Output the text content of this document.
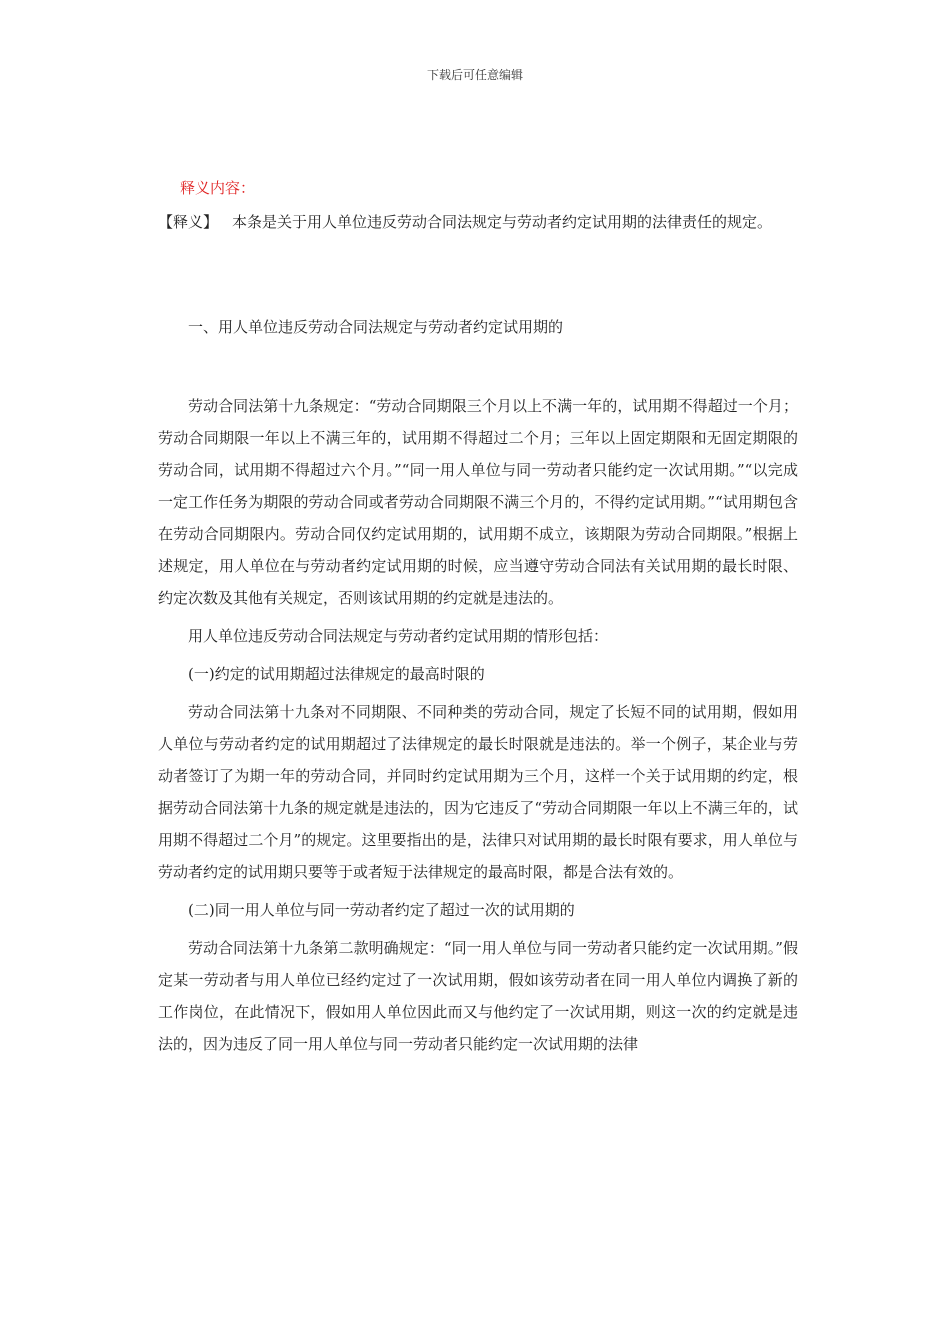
下载后可任意编辑
释义内容：
【释义】 本条是关于用人单位违反劳动合同法规定与劳动者约定试用期的法律责任的规定。
一、用人单位违反劳动合同法规定与劳动者约定试用期的

劳动合同法第十九条规定：“劳动合同期限三个月以上不满一年的，试用期不得超过一个月；劳动合同期限一年以上不满三年的，试用期不得超过二个月；三年以上固定期限和无固定期限的劳动合同，试用期不得超过六个月。”“同一用人单位与同一劳动者只能约定一次试用期。”“以完成一定工作任务为期限的劳动合同或者劳动合同期限不满三个月的，不得约定试用期。”“试用期包含在劳动合同期限内。劳动合同仅约定试用期的，试用期不成立，该期限为劳动合同期限。”根据上述规定，用人单位在与劳动者约定试用期的时候，应当遵守劳动合同法有关试用期的最长时限、约定次数及其他有关规定，否则该试用期的约定就是违法的。

用人单位违反劳动合同法规定与劳动者约定试用期的情形包括：

(一)约定的试用期超过法律规定的最高时限的

劳动合同法第十九条对不同期限、不同种类的劳动合同，规定了长短不同的试用期，假如用人单位与劳动者约定的试用期超过了法律规定的最长时限就是违法的。举一个例子，某企业与劳动者签订了为期一年的劳动合同，并同时约定试用期为三个月，这样一个关于试用期的约定，根据劳动合同法第十九条的规定就是违法的，因为它违反了“劳动合同期限一年以上不满三年的，试用期不得超过二个月”的规定。这里要指出的是，法律只对试用期的最长时限有要求，用人单位与劳动者约定的试用期只要等于或者短于法律规定的最高时限，都是合法有效的。

(二)同一用人单位与同一劳动者约定了超过一次的试用期的

劳动合同法第十九条第二款明确规定：“同一用人单位与同一劳动者只能约定一次试用期。”假定某一劳动者与用人单位已经约定过了一次试用期，假如该劳动者在同一用人单位内调换了新的工作岗位，在此情况下，假如用人单位因此而又与他约定了一次试用期，则这一次的约定就是违法的，因为违反了同一用人单位与同一劳动者只能约定一次试用期的法律
